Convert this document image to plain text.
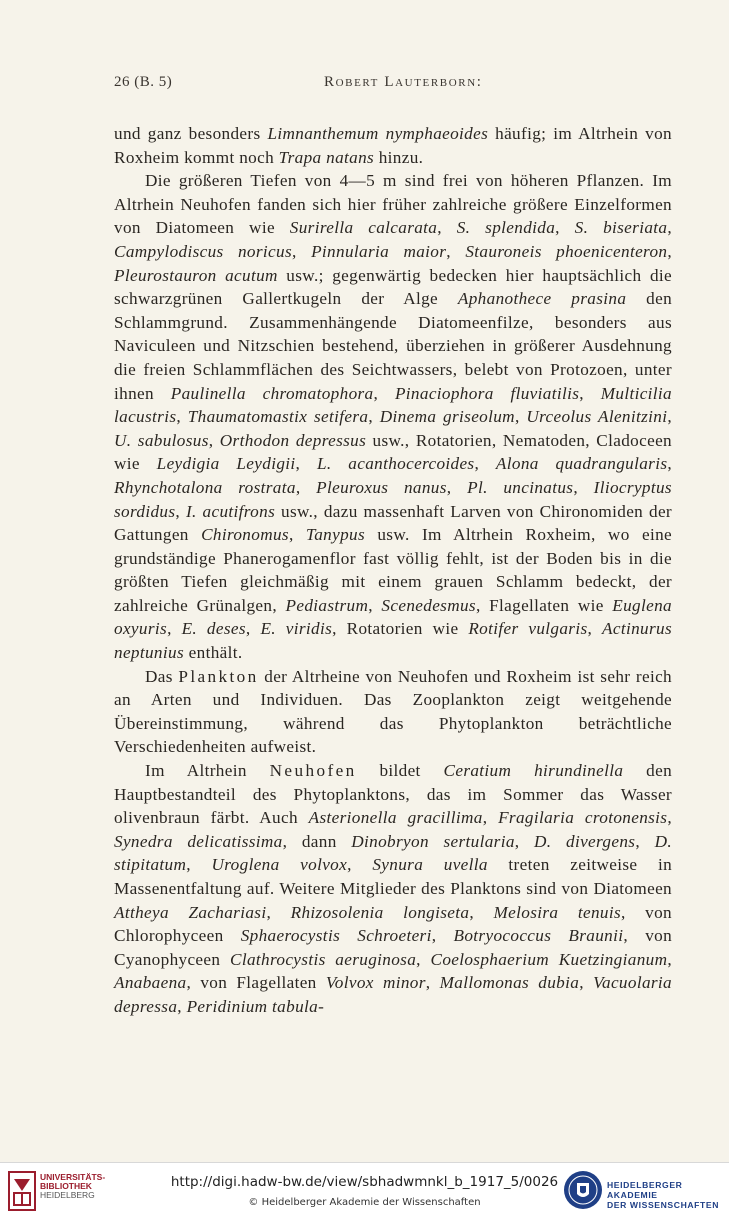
26 (B. 5)	Robert Lauterborn:

und ganz besonders Limnanthemum nymphaeoides häufig; im Altrhein von Roxheim kommt noch Trapa natans hinzu.

Die größeren Tiefen von 4—5 m sind frei von höheren Pflanzen. Im Altrhein Neuhofen fanden sich hier früher zahlreiche größere Einzelformen von Diatomeen wie Surirella calcarata, S. splendida, S. biseriata, Campylodiscus noricus, Pinnularia maior, Stauroneis phoenicenteron, Pleurostauron acutum usw.; gegenwärtig bedecken hier hauptsächlich die schwarzgrünen Gallertkugeln der Alge Aphanothece prasina den Schlammgrund. Zusammenhängende Diatomeenfilze, besonders aus Naviculeen und Nitzschien bestehend, überziehen in größerer Ausdehnung die freien Schlammflächen des Seichtwassers, belebt von Protozoen, unter ihnen Paulinella chromatophora, Pinaciophora fluviatilis, Multicilia lacustris, Thaumatomastix setifera, Dinema griseolum, Urceolus Alenitzini, U. sabulosus, Orthodon depressus usw., Rotatorien, Nematoden, Cladoceen wie Leydigia Leydigii, L. acanthocercoides, Alona quadrangularis, Rhynchotalona rostrata, Pleuroxus nanus, Pl. uncinatus, Iliocryptus sordidus, I. acutifrons usw., dazu massenhaft Larven von Chironomiden der Gattungen Chironomus, Tanypus usw. Im Altrhein Roxheim, wo eine grundständige Phanerogamenflor fast völlig fehlt, ist der Boden bis in die größten Tiefen gleichmäßig mit einem grauen Schlamm bedeckt, der zahlreiche Grünalgen, Pediastrum, Scenedesmus, Flagellaten wie Euglena oxyuris, E. deses, E. viridis, Rotatorien wie Rotifer vulgaris, Actinurus neptunius enthält.

Das Plankton der Altrheine von Neuhofen und Roxheim ist sehr reich an Arten und Individuen. Das Zooplankton zeigt weitgehende Übereinstimmung, während das Phytoplankton beträchtliche Verschiedenheiten aufweist.

Im Altrhein Neuhofen bildet Ceratium hirundinella den Hauptbestandteil des Phytoplanktons, das im Sommer das Wasser olivenbraun färbt. Auch Asterionella gracillima, Fragilaria crotonensis, Synedra delicatissima, dann Dinobryon sertularia, D. divergens, D. stipitatum, Uroglena volvox, Synura uvella treten zeitweise in Massenentfaltung auf. Weitere Mitglieder des Planktons sind von Diatomeen Attheya Zachariasi, Rhizosolenia longiseta, Melosira tenuis, von Chlorophyceen Sphaerocystis Schroeteri, Botryococcus Braunii, von Cyanophyceen Clathrocystis aeruginosa, Coelosphaerium Kuetzingianum, Anabaena, von Flagellaten Volvox minor, Mallomonas dubia, Vacuolaria depressa, Peridinium tabula-

UNIVERSITÄTS-
BIBLIOTHEK
HEIDELBERG
http://digi.hadw-bw.de/view/sbhadwmnkl_b_1917_5/0026
© Heidelberger Akademie der Wissenschaften
HEIDELBERGER AKADEMIE
DER WISSENSCHAFTEN
